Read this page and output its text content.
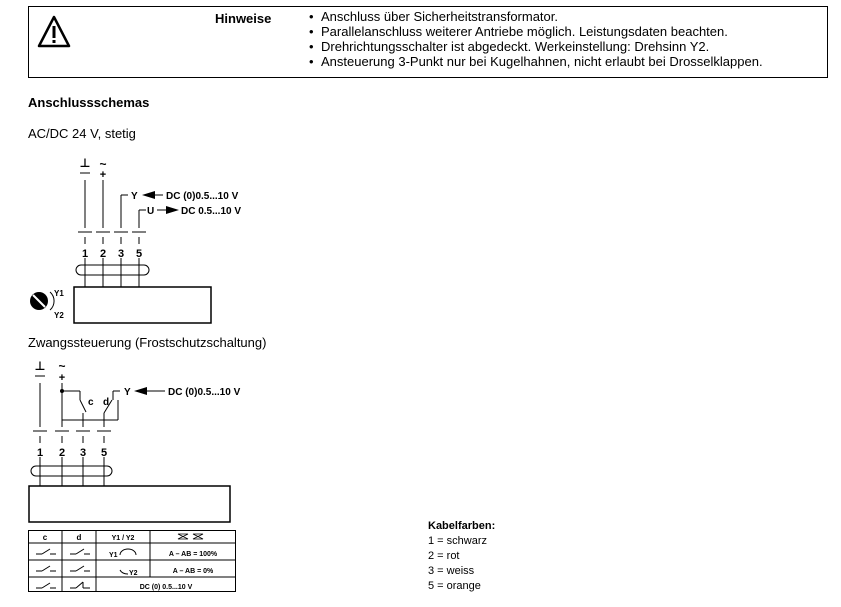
Hinweise
•	Anschluss über Sicherheitstransformator.
• Parallelanschluss weiterer Antriebe möglich. Leistungsdaten beachten.
• Drehrichtungsschalter ist abgedeckt. Werkeinstellung: Drehsinn Y2.
• Ansteuerung 3-Punkt nur bei Kugelhahnen, nicht erlaubt bei Drosselklappen.
Anschlussschemas
AC/DC 24 V, stetig
⊥ ~
+
Y	DC (0)0.5...10 V
U	DC 0.5...10 V
1 2 3 5
Y1
Y2
Zwangssteuerung (Frostschutzschaltung)
⊥ ~
+
c d
Y	DC (0)0.5...10 V
1 2 3 5
c	d	Y1 / Y2
Y1	A – AB = 100%
Y2	A – AB = 0%
DC (0) 0.5...10 V
Kabelfarben:
1 = schwarz
2 = rot
3 = weiss
5 = orange
